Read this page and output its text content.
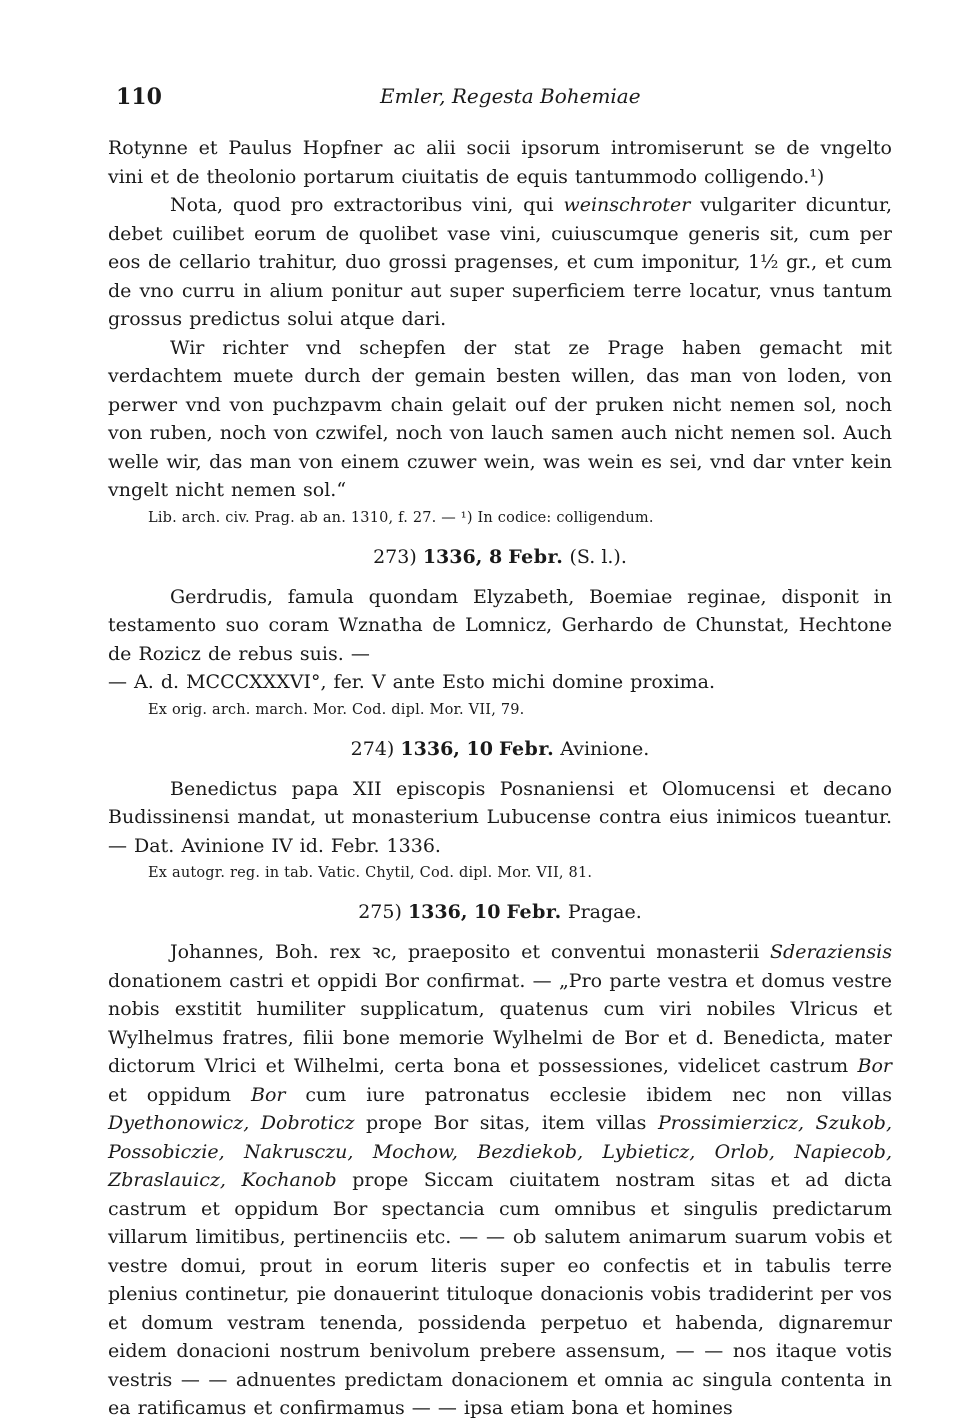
110	Emler, Regesta Bohemiae

Rotynne et Paulus Hopfner ac alii socii ipsorum intromiserunt se de vngelto vini et de theolonio portarum ciuitatis de equis tantummodo colligendo.¹)

Nota, quod pro extractoribus vini, qui weinschroter vulgariter dicuntur, debet cuilibet eorum de quolibet vase vini, cuiuscumque generis sit, cum per eos de cellario trahitur, duo grossi pragenses, et cum imponitur, 1½ gr., et cum de vno curru in alium ponitur aut super superficiem terre locatur, vnus tantum grossus predictus solui atque dari.

Wir richter vnd schepfen der stat ze Prage haben gemacht mit verdachtem muete durch der gemain besten willen, das man von loden, von perwer vnd von puchzpavm chain gelait ouf der pruken nicht nemen sol, noch von ruben, noch von czwifel, noch von lauch samen auch nicht nemen sol. Auch welle wir, das man von einem czuwer wein, was wein es sei, vnd dar vnter kein vngelt nicht nemen sol.“

Lib. arch. civ. Prag. ab an. 1310, f. 27. — ¹) In codice: colligendum.
273) 1336, 8 Febr. (S. l.).

Gerdrudis, famula quondam Elyzabeth, Boemiae reginae, disponit in testamento suo coram Wznatha de Lomnicz, Gerhardo de Chunstat, Hechtone de Rozicz de rebus suis. —

— A. d. MCCCXXXVI°, fer. V ante Esto michi domine proxima.

Ex orig. arch. march. Mor. Cod. dipl. Mor. VII, 79.
274) 1336, 10 Febr. Avinione.

Benedictus papa XII episcopis Posnaniensi et Olomucensi et decano Budissinensi mandat, ut monasterium Lubucense contra eius inimicos tueantur. — Dat. Avinione IV id. Febr. 1336.

Ex autogr. reg. in tab. Vatic. Chytil, Cod. dipl. Mor. VII, 81.
275) 1336, 10 Febr. Pragae.

Johannes, Boh. rex ꝛc, praeposito et conventui monasterii Sderaziensis donationem castri et oppidi Bor confirmat. — „Pro parte vestra et domus vestre nobis exstitit humiliter supplicatum, quatenus cum viri nobiles Vlricus et Wylhelmus fratres, filii bone memorie Wylhelmi de Bor et d. Benedicta, mater dictorum Vlrici et Wilhelmi, certa bona et possessiones, videlicet castrum Bor et oppidum Bor cum iure patronatus ecclesie ibidem nec non villas Dyethonowicz, Dobroticz prope Bor sitas, item villas Prossimierzicz, Szukob, Possobiczie, Nakrusczu, Mochow, Bezdiekob, Lybieticz, Orlob, Napiecob, Zbraslauicz, Kochanob prope Siccam ciuitatem nostram sitas et ad dicta castrum et oppidum Bor spectancia cum omnibus et singulis predictarum villarum limitibus, pertinenciis etc. — — ob salutem animarum suarum vobis et vestre domui, prout in eorum literis super eo confectis et in tabulis terre plenius continetur, pie donauerint tituloque donacionis vobis tradiderint per vos et domum vestram tenenda, possidenda perpetuo et habenda, dignaremur eidem donacioni nostrum benivolum prebere assensum, — — nos itaque votis vestris — — adnuentes predictam donacionem et omnia ac singula contenta in ea ratificamus et confirmamus — — ipsa etiam bona et homines
